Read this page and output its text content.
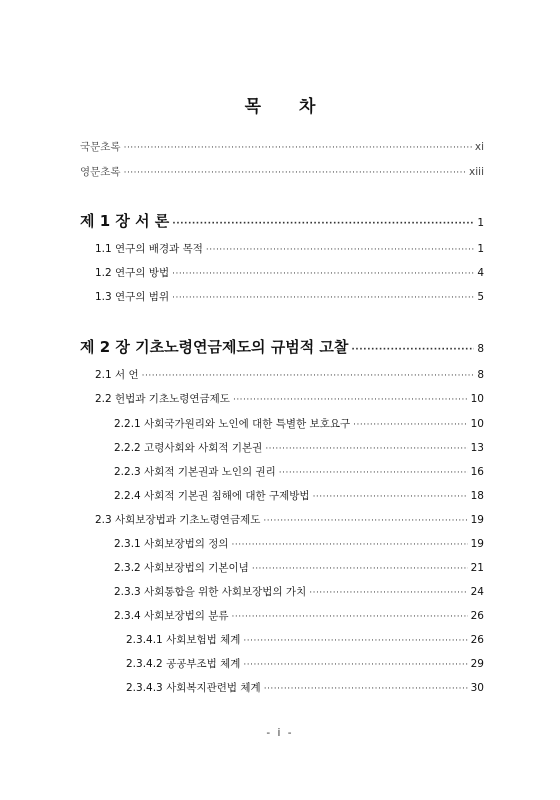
목 차
국문초록 ·····	xi
영문초록 ·····	xiii
제 1 장 서 론 ·····	1
1.1 연구의 배경과 목적 ·····	1
1.2 연구의 방법 ·····	4
1.3 연구의 범위 ·····	5
제 2 장 기초노령연금제도의 규범적 고찰 ·····	8
2.1 서 언 ·····	8
2.2 헌법과 기초노령연금제도 ·····	10
2.2.1 사회국가원리와 노인에 대한 특별한 보호요구 ·····	10
2.2.2 고령사회와 사회적 기본권 ·····	13
2.2.3 사회적 기본권과 노인의 권리 ·····	16
2.2.4 사회적 기본권 침해에 대한 구제방법 ·····	18
2.3 사회보장법과 기초노령연금제도 ·····	19
2.3.1 사회보장법의 정의 ·····	19
2.3.2 사회보장법의 기본이념 ·····	21
2.3.3 사회통합을 위한 사회보장법의 가치 ·····	24
2.3.4 사회보장법의 분류 ·····	26
2.3.4.1 사회보험법 체계 ·····	26
2.3.4.2 공공부조법 체계 ·····	29
2.3.4.3 사회복지관련법 체계 ·····	30
- i -
